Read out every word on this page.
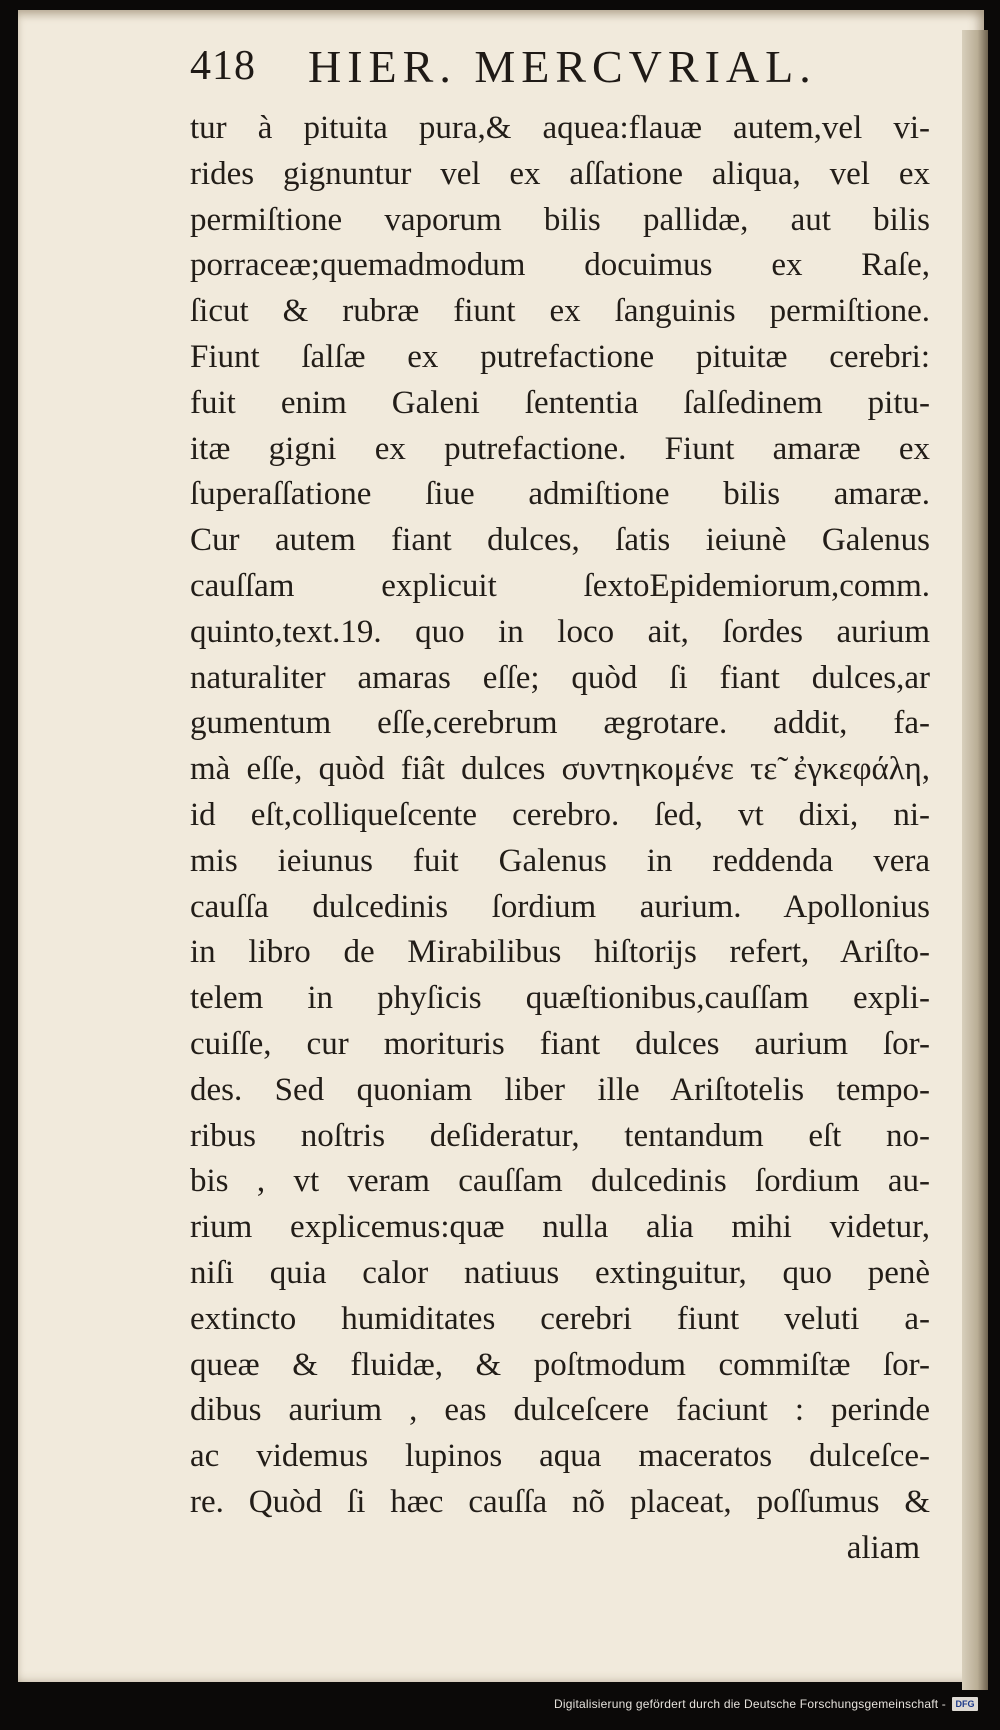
418 HIER. MERCVRIAL.
tur à pituita pura,& aquea:flauæ autem,vel vi-
rides gignuntur vel ex aſſatione aliqua, vel ex
permiſtione vaporum bilis pallidæ, aut bilis
porraceæ;quemadmodum docuimus ex Raſe,
ſicut & rubræ fiunt ex ſanguinis permiſtione.
Fiunt ſalſæ ex putrefactione pituitæ cerebri:
fuit enim Galeni ſententia ſalſedinem pitu-
itæ gigni ex putrefactione. Fiunt amaræ ex
ſuperaſſatione ſiue admiſtione bilis amaræ.
Cur autem fiant dulces, ſatis ieiunè Galenus
cauſſam explicuit ſextoEpidemiorum,comm.
quinto,text.19. quo in loco ait, ſordes aurium
naturaliter amaras eſſe; quòd ſi fiant dulces,ar
gumentum eſſe,cerebrum ægrotare. addit, fa-
mà eſſe, quòd fiât dulces συντηκομένε τε̃ ἐγκεφάλη,
id eſt,colliqueſcente cerebro. ſed, vt dixi, ni-
mis ieiunus fuit Galenus in reddenda vera
cauſſa dulcedinis ſordium aurium. Apollonius
in libro de Mirabilibus hiſtorijs refert, Ariſto-
telem in phyſicis quæſtionibus,cauſſam expli-
cuiſſe, cur morituris fiant dulces aurium ſor-
des. Sed quoniam liber ille Ariſtotelis tempo-
ribus noſtris deſideratur, tentandum eſt no-
bis , vt veram cauſſam dulcedinis ſordium au-
rium explicemus:quæ nulla alia mihi videtur,
niſi quia calor natiuus extinguitur, quo penè
extincto humiditates cerebri fiunt veluti a-
queæ & fluidæ, & poſtmodum commiſtæ ſor-
dibus aurium , eas dulceſcere faciunt : perinde
ac videmus lupinos aqua maceratos dulceſce-
re. Quòd ſi hæc cauſſa nõ placeat, poſſumus &
aliam
Digitalisierung gefördert durch die Deutsche Forschungsgemeinschaft -	DFG
